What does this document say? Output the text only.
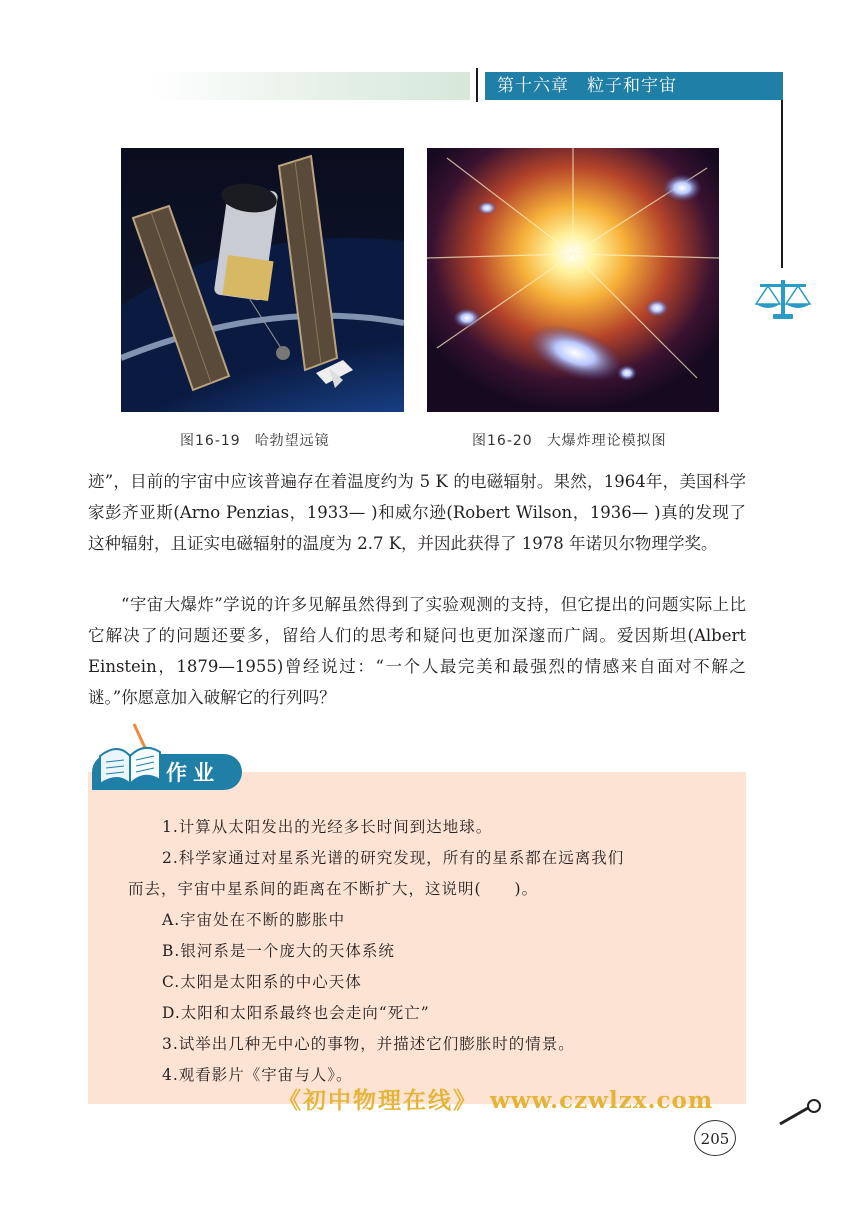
第十六章 粒子和宇宙
图16-19 哈勃望远镜	图16-20 大爆炸理论模拟图
迹”，目前的宇宙中应该普遍存在着温度约为 5 K 的电磁辐射。果然，1964年，美国科学家彭齐亚斯(Arno Penzias，1933— )和威尔逊(Robert Wilson，1936— )真的发现了这种辐射，且证实电磁辐射的温度为 2.7 K，并因此获得了 1978 年诺贝尔物理学奖。
“宇宙大爆炸”学说的许多见解虽然得到了实验观测的支持，但它提出的问题实际上比它解决了的问题还要多，留给人们的思考和疑问也更加深邃而广阔。爱因斯坦(Albert Einstein，1879—1955)曾经说过：“一个人最完美和最强烈的情感来自面对不解之谜。”你愿意加入破解它的行列吗？
作业
1.计算从太阳发出的光经多长时间到达地球。
2.科学家通过对星系光谱的研究发现，所有的星系都在远离我们
而去，宇宙中星系间的距离在不断扩大，这说明(　　)。
A.宇宙处在不断的膨胀中
B.银河系是一个庞大的天体系统
C.太阳是太阳系的中心天体
D.太阳和太阳系最终也会走向“死亡”
3.试举出几种无中心的事物，并描述它们膨胀时的情景。
4.观看影片《宇宙与人》。
《初中物理在线》 www.czwlzx.com
205
